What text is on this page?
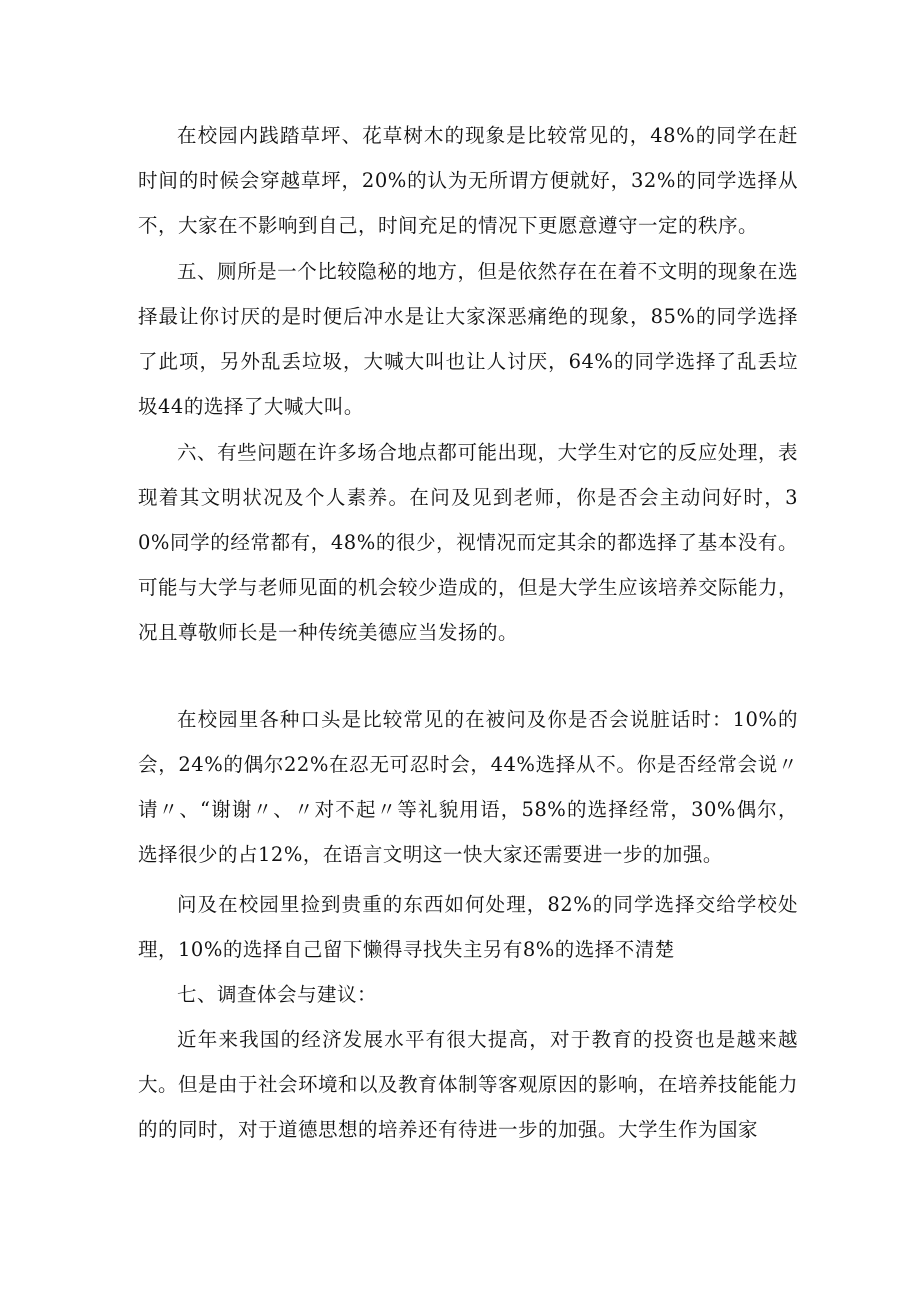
在校园内践踏草坪、花草树木的现象是比较常见的，48%的同学在赶时间的时候会穿越草坪，20%的认为无所谓方便就好，32%的同学选择从不，大家在不影响到自己，时间充足的情况下更愿意遵守一定的秩序。

五、厕所是一个比较隐秘的地方，但是依然存在在着不文明的现象在选择最让你讨厌的是时便后冲水是让大家深恶痛绝的现象，85%的同学选择了此项，另外乱丢垃圾，大喊大叫也让人讨厌，64%的同学选择了乱丢垃圾44的选择了大喊大叫。

六、有些问题在许多场合地点都可能出现，大学生对它的反应处理，表现着其文明状况及个人素养。在问及见到老师，你是否会主动问好时，30%同学的经常都有，48%的很少，视情况而定其余的都选择了基本没有。可能与大学与老师见面的机会较少造成的，但是大学生应该培养交际能力，况且尊敬师长是一种传统美德应当发扬的。

在校园里各种口头是比较常见的在被问及你是否会说脏话时：10%的会，24%的偶尔22%在忍无可忍时会，44%选择从不。你是否经常会说〃请〃、“谢谢〃、〃对不起〃等礼貌用语，58%的选择经常，30%偶尔，选择很少的占12%，在语言文明这一快大家还需要进一步的加强。

问及在校园里捡到贵重的东西如何处理，82%的同学选择交给学校处理，10%的选择自己留下懒得寻找失主另有8%的选择不清楚

七、调查体会与建议：

近年来我国的经济发展水平有很大提高，对于教育的投资也是越来越大。但是由于社会环境和以及教育体制等客观原因的影响，在培养技能能力的的同时，对于道德思想的培养还有待进一步的加强。大学生作为国家
